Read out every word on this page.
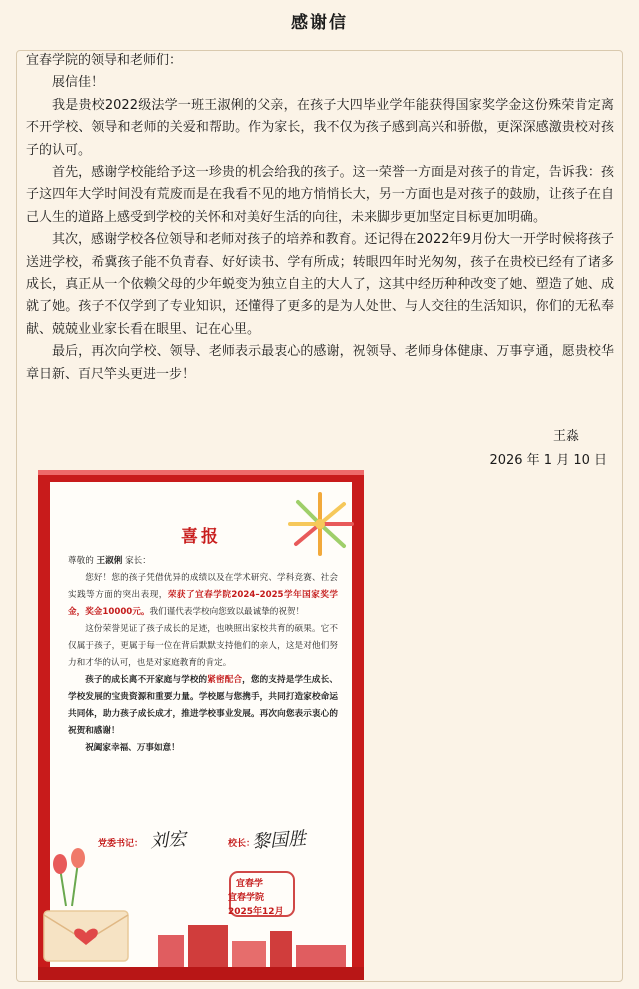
感谢信

宜春学院的领导和老师们：

展信佳！

我是贵校2022级法学一班王淑俐的父亲，在孩子大四毕业学年能获得国家奖学金这份殊荣肯定离不开学校、领导和老师的关爱和帮助。作为家长，我不仅为孩子感到高兴和骄傲，更深深感激贵校对孩子的认可。

首先，感谢学校能给予这一珍贵的机会给我的孩子。这一荣誉一方面是对孩子的肯定，告诉我：孩子这四年大学时间没有荒废而是在我看不见的地方悄悄长大，另一方面也是对孩子的鼓励，让孩子在自己人生的道路上感受到学校的关怀和对美好生活的向往，未来脚步更加坚定目标更加明确。

其次，感谢学校各位领导和老师对孩子的培养和教育。还记得在2022年9月份大一开学时候将孩子送进学校，希冀孩子能不负青春、好好读书、学有所成；转眼四年时光匆匆，孩子在贵校已经有了诸多成长，真正从一个依赖父母的少年蜕变为独立自主的大人了，这其中经历种种改变了她、塑造了她、成就了她。孩子不仅学到了专业知识，还懂得了更多的是为人处世、与人交往的生活知识，你们的无私奉献、兢兢业业家长看在眼里、记在心里。

最后，再次向学校、领导、老师表示最衷心的感谢，祝领导、老师身体健康、万事亨通，愿贵校华章日新、百尺竿头更进一步！

王淼
2026 年 1 月 10 日
喜报

尊敬的 王淑俐 家长：

您好！您的孩子凭借优异的成绩以及在学术研究、学科竞赛、社会实践等方面的突出表现，荣获了宜春学院2024–2025学年国家奖学金，奖金10000元。我们谨代表学校向您致以最诚挚的祝贺！

这份荣誉见证了孩子成长的足迹，也映照出家校共育的硕果。它不仅属于孩子，更属于每一位在背后默默支持他们的亲人，这是对他们努力和才华的认可，也是对家庭教育的肯定。

孩子的成长离不开家庭与学校的紧密配合，您的支持是学生成长、学校发展的宝贵资源和重要力量。学校愿与您携手，共同打造家校命运共同体，助力孩子成长成才，推进学校事业发展。再次向您表示衷心的祝贺和感谢！

祝阖家幸福、万事如意！

党委书记： 刘宏	校长：
黎国胜
宜春学
宜春学院
2025年12月
